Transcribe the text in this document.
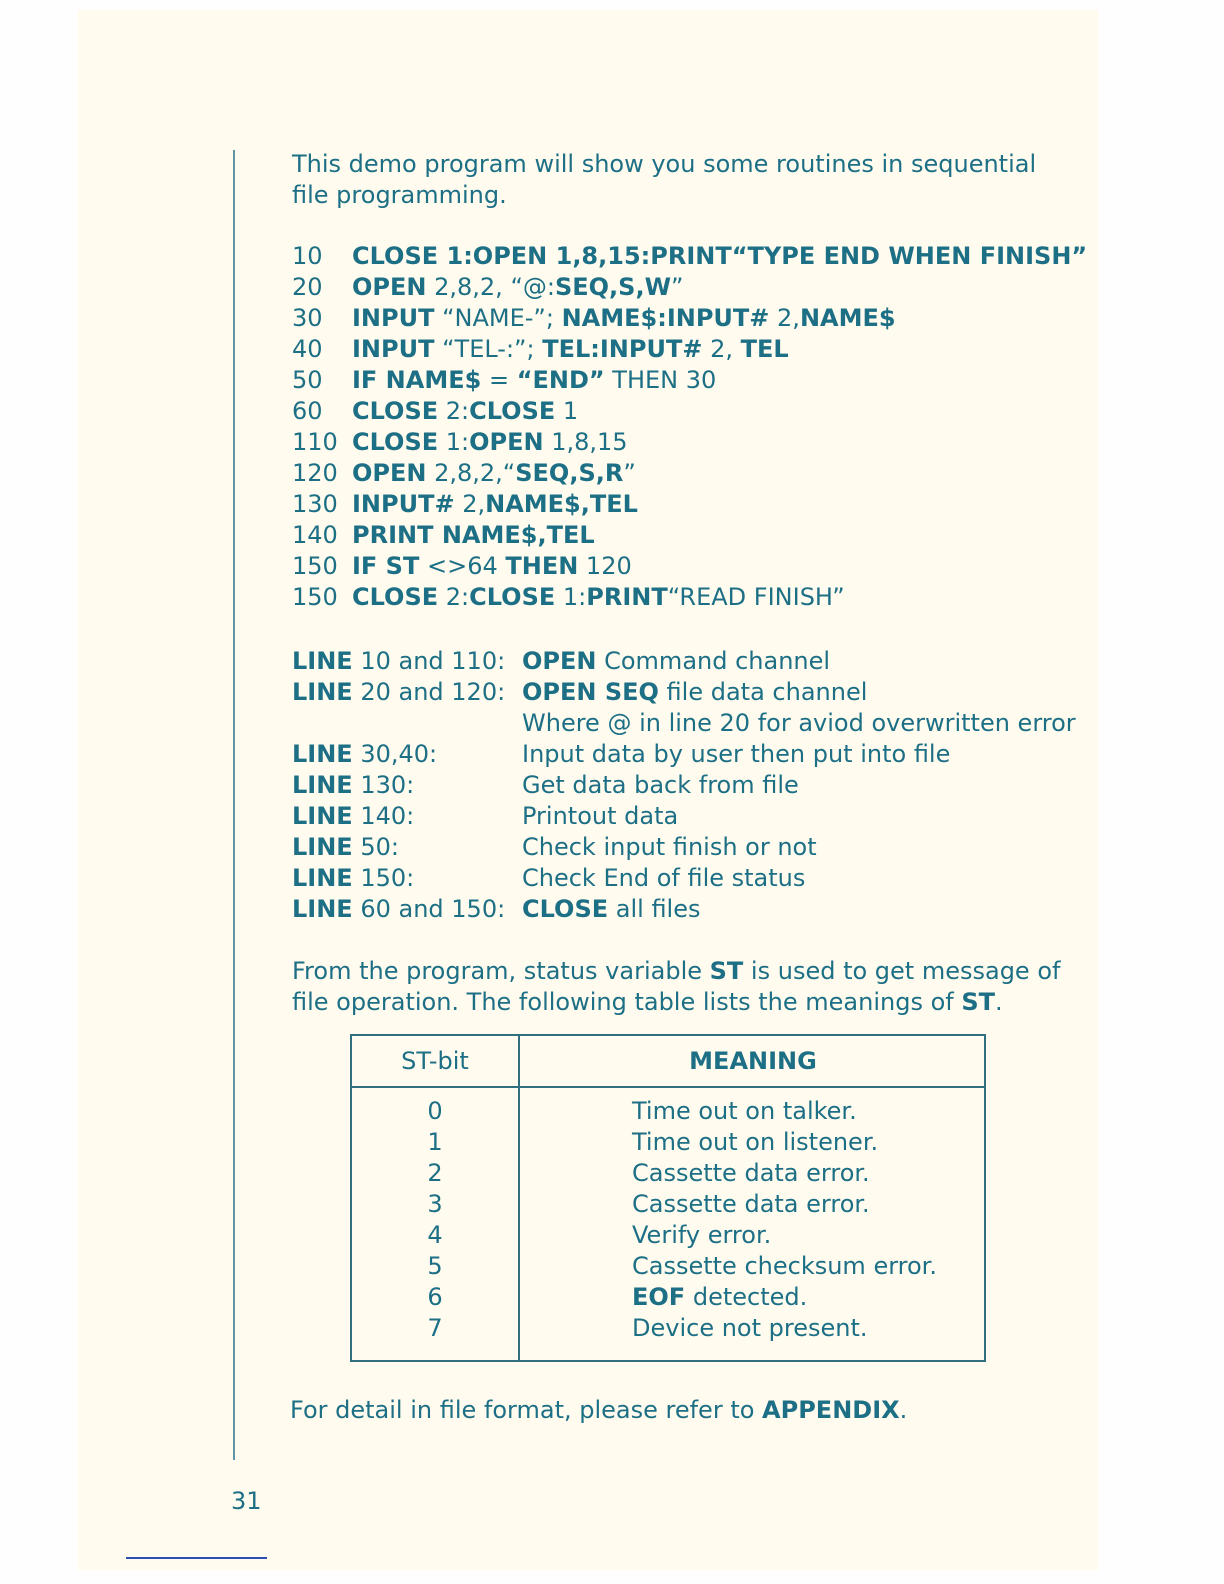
This demo program will show you some routines in sequential
file programming.
10 CLOSE 1:OPEN 1,8,15:PRINT“TYPE END WHEN FINISH”
20 OPEN 2,8,2, “@:SEQ,S,W”
30 INPUT “NAME-”; NAME$:INPUT# 2,NAME$
40 INPUT “TEL-:”; TEL:INPUT# 2, TEL
50 IF NAME$ = “END” THEN 30
60 CLOSE 2:CLOSE 1
110 CLOSE 1:OPEN 1,8,15
120 OPEN 2,8,2,“SEQ,S,R”
130 INPUT# 2,NAME$,TEL
140 PRINT NAME$,TEL
150 IF ST <>64 THEN 120
150 CLOSE 2:CLOSE 1:PRINT“READ FINISH”
LINE 10 and 110: OPEN Command channel
LINE 20 and 120: OPEN SEQ file data channel
Where @ in line 20 for aviod overwritten error
LINE 30,40:	Input data by user then put into file
LINE 130:	Get data back from file
LINE 140:	Printout data
LINE 50:	Check input finish or not
LINE 150:	Check End of file status
LINE 60 and 150: CLOSE all files
From the program, status variable ST is used to get message of
file operation. The following table lists the meanings of ST.
ST-bit	MEANING
0	Time out on talker.
1	Time out on listener.
2	Cassette data error.
3	Cassette data error.
4	Verify error.
5	Cassette checksum error.
6	EOF detected.
7	Device not present.
For detail in file format, please refer to APPENDIX.
31
